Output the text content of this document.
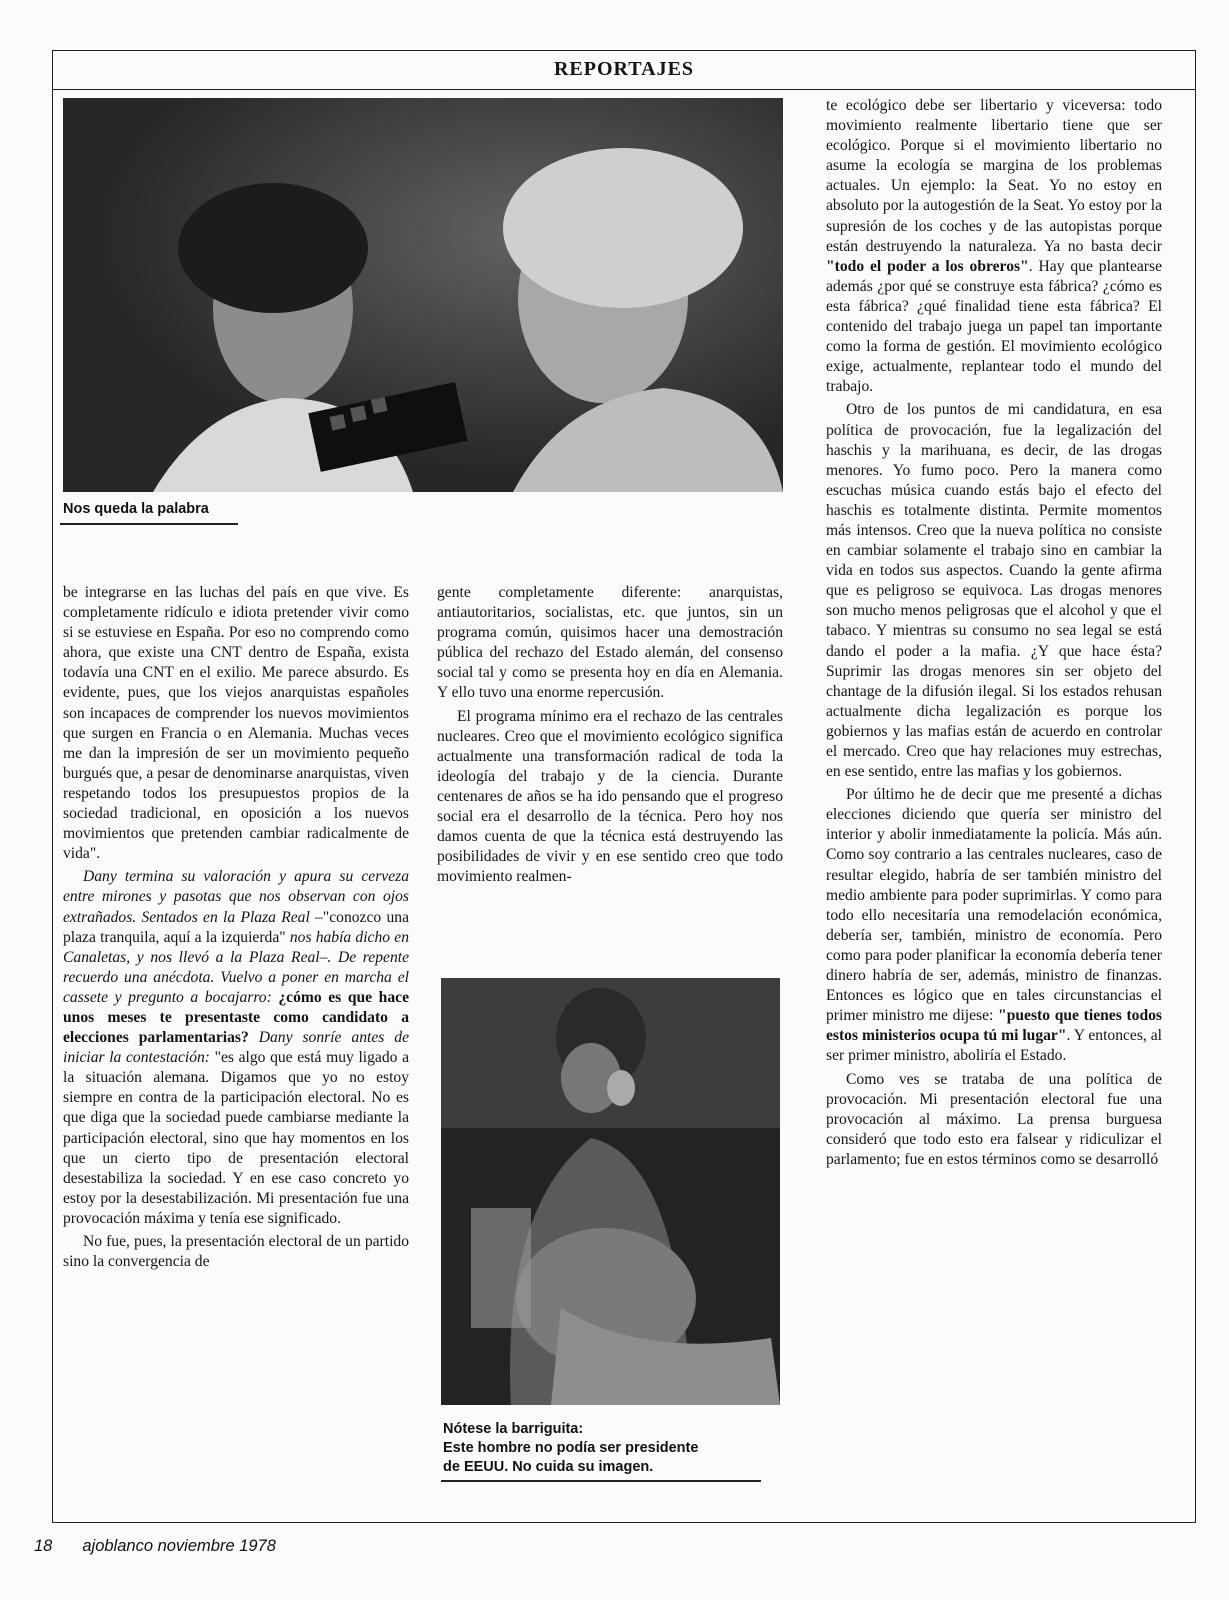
REPORTAJES
Nos queda la palabra

be integrarse en las luchas del país en que vive. Es completamente ridículo e idiota pretender vivir como si se estuviese en España. Por eso no comprendo como ahora, que existe una CNT dentro de España, exista todavía una CNT en el exilio. Me parece absurdo. Es evidente, pues, que los viejos anarquistas españoles son incapaces de comprender los nuevos movimientos que surgen en Francia o en Alemania. Muchas veces me dan la impresión de ser un movimiento pequeño burgués que, a pesar de denominarse anarquistas, viven respetando todos los presupuestos propios de la sociedad tradicional, en oposición a los nuevos movimientos que pretenden cambiar radicalmente de vida".

Dany termina su valoración y apura su cerveza entre mirones y pasotas que nos observan con ojos extrañados. Sentados en la Plaza Real –"conozco una plaza tranquila, aquí a la izquierda" nos había dicho en Canaletas, y nos llevó a la Plaza Real–. De repente recuerdo una anécdota. Vuelvo a poner en marcha el cassete y pregunto a bocajarro: ¿cómo es que hace unos meses te presentaste como candidato a elecciones parlamentarias? Dany sonríe antes de iniciar la contestación: "es algo que está muy ligado a la situación alemana. Digamos que yo no estoy siempre en contra de la participación electoral. No es que diga que la sociedad puede cambiarse mediante la participación electoral, sino que hay momentos en los que un cierto tipo de presentación electoral desestabiliza la sociedad. Y en ese caso concreto yo estoy por la desestabilización. Mi presentación fue una provocación máxima y tenía ese significado.

No fue, pues, la presentación electoral de un partido sino la convergencia de

gente completamente diferente: anarquistas, antiautoritarios, socialistas, etc. que juntos, sin un programa común, quisimos hacer una demostración pública del rechazo del Estado alemán, del consenso social tal y como se presenta hoy en día en Alemania. Y ello tuvo una enorme repercusión.

El programa mínimo era el rechazo de las centrales nucleares. Creo que el movimiento ecológico significa actualmente una transformación radical de toda la ideología del trabajo y de la ciencia. Durante centenares de años se ha ido pensando que el progreso social era el desarrollo de la técnica. Pero hoy nos damos cuenta de que la técnica está destruyendo las posibilidades de vivir y en ese sentido creo que todo movimiento realmen-

Nótese la barriguita:
Este hombre no podía ser presidente
de EEUU. No cuida su imagen.

te ecológico debe ser libertario y viceversa: todo movimiento realmente libertario tiene que ser ecológico. Porque si el movimiento libertario no asume la ecología se margina de los problemas actuales. Un ejemplo: la Seat. Yo no estoy en absoluto por la autogestión de la Seat. Yo estoy por la supresión de los coches y de las autopistas porque están destruyendo la naturaleza. Ya no basta decir "todo el poder a los obreros". Hay que plantearse además ¿por qué se construye esta fábrica? ¿cómo es esta fábrica? ¿qué finalidad tiene esta fábrica? El contenido del trabajo juega un papel tan importante como la forma de gestión. El movimiento ecológico exige, actualmente, replantear todo el mundo del trabajo.

Otro de los puntos de mi candidatura, en esa política de provocación, fue la legalización del haschis y la marihuana, es decir, de las drogas menores. Yo fumo poco. Pero la manera como escuchas música cuando estás bajo el efecto del haschis es totalmente distinta. Permite momentos más intensos. Creo que la nueva política no consiste en cambiar solamente el trabajo sino en cambiar la vida en todos sus aspectos. Cuando la gente afirma que es peligroso se equivoca. Las drogas menores son mucho menos peligrosas que el alcohol y que el tabaco. Y mientras su consumo no sea legal se está dando el poder a la mafia. ¿Y que hace ésta? Suprimir las drogas menores sin ser objeto del chantage de la difusión ilegal. Si los estados rehusan actualmente dicha legalización es porque los gobiernos y las mafias están de acuerdo en controlar el mercado. Creo que hay relaciones muy estrechas, en ese sentido, entre las mafias y los gobiernos.

Por último he de decir que me presenté a dichas elecciones diciendo que quería ser ministro del interior y abolir inmediatamente la policía. Más aún. Como soy contrario a las centrales nucleares, caso de resultar elegido, habría de ser también ministro del medio ambiente para poder suprimirlas. Y como para todo ello necesitaría una remodelación económica, debería ser, también, ministro de economía. Pero como para poder planificar la economía debería tener dinero habría de ser, además, ministro de finanzas. Entonces es lógico que en tales circunstancias el primer ministro me dijese: "puesto que tienes todos estos ministerios ocupa tú mi lugar". Y entonces, al ser primer ministro, aboliría el Estado.

Como ves se trataba de una política de provocación. Mi presentación electoral fue una provocación al máximo. La prensa burguesa consideró que todo esto era falsear y ridiculizar el parlamento; fue en estos términos como se desarrolló

18 ajoblanco noviembre 1978
